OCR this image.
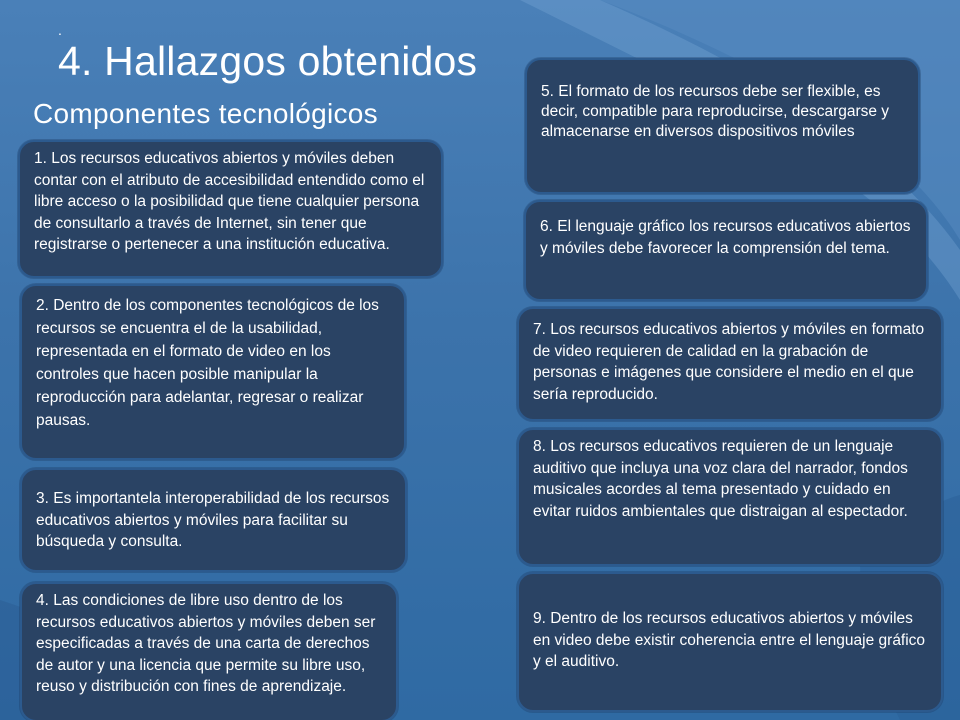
.
4. Hallazgos obtenidos
Componentes tecnológicos

1. Los recursos educativos abiertos y móviles deben contar con el atributo de accesibilidad entendido como el libre acceso o la posibilidad que tiene cualquier persona de consultarlo a través de Internet, sin tener que registrarse o pertenecer a una institución educativa.

2. Dentro de los componentes tecnológicos de los recursos se encuentra el de la usabilidad, representada en el formato de video en los controles que hacen posible manipular la reproducción para adelantar, regresar o realizar pausas.

3. Es importantela interoperabilidad de los recursos educativos abiertos y móviles para facilitar su búsqueda y consulta.

4. Las condiciones de libre uso dentro de los recursos educativos abiertos y móviles deben ser especificadas a través de una carta de derechos de autor y una licencia que permite su libre uso, reuso y distribución con fines de aprendizaje.

5. El formato de los recursos debe ser flexible, es decir, compatible para reproducirse, descargarse y almacenarse en diversos dispositivos móviles

6. El lenguaje gráfico los recursos educativos abiertos y móviles debe favorecer la comprensión del tema.

7. Los recursos educativos abiertos y móviles en formato de video requieren de calidad en la grabación de personas e imágenes que considere el medio en el que sería reproducido.

8. Los recursos educativos requieren de un lenguaje auditivo que incluya una voz clara del narrador, fondos musicales acordes al tema presentado y cuidado en evitar ruidos ambientales que distraigan al espectador.

9. Dentro de los recursos educativos abiertos y móviles en video debe existir coherencia entre el lenguaje gráfico y el auditivo.
